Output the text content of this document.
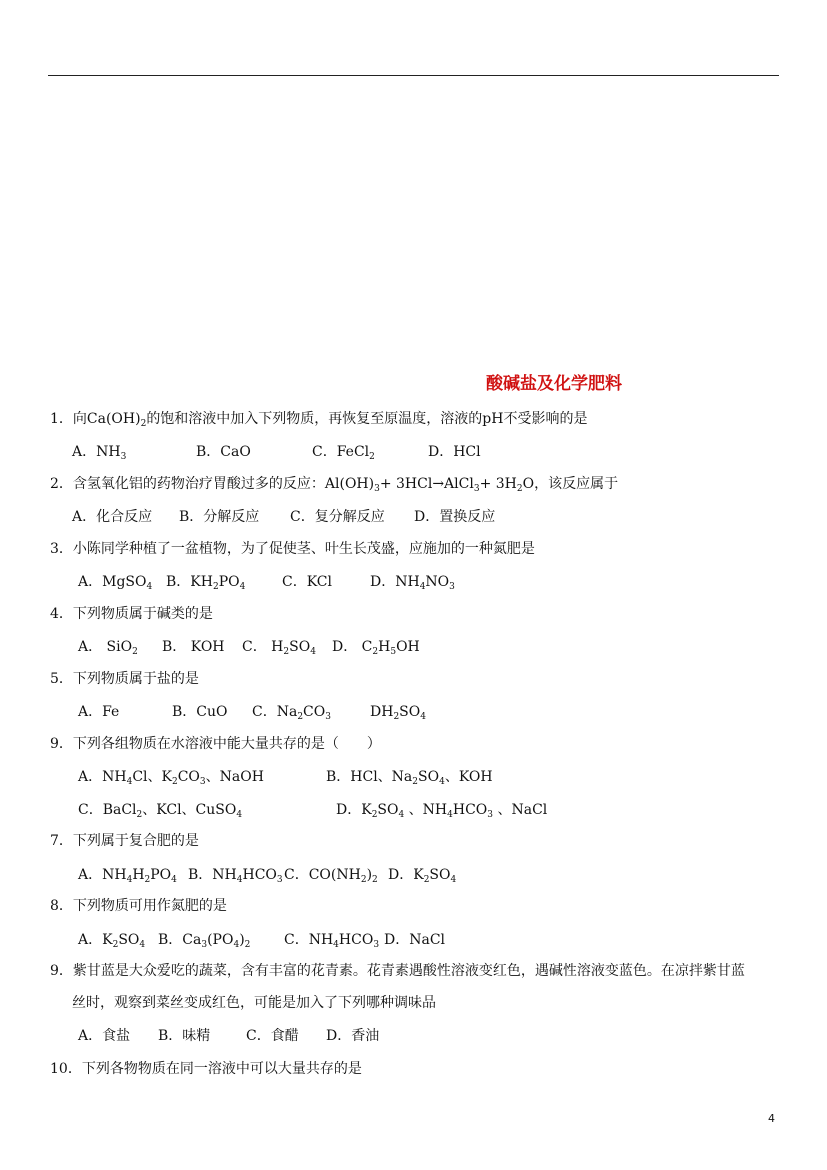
酸碱盐及化学肥料
1．向$Ca(OH)_2$的饱和溶液中加入下列物质，再恢复至原温度，溶液的pH不受影响的是
A．$NH_3$	B．CaO	C．FeCl$_2$	D．HCl
2．含氢氧化铝的药物治疗胃酸过多的反应：$Al(OH)_3+$ 3HCl→AlCl$_3$+ $3H_2O$，该反应属于
A．化合反应 B．分解反应 C．复分解反应 D．置换反应
3．小陈同学种植了一盆植物，为了促使茎、叶生长茂盛，应施加的一种氮肥是
A．MgSO$_4$ B．$KH_2PO_4$	C．KCl	D．$NH_4NO_3$
4．下列物质属于碱类的是
A． SiO$_2$ B． KOH C． $H_2SO_4$ D． $C_2H_5OH$
5．下列物质属于盐的是
A．Fe	B．CuO C．$Na_2CO_3$	$DH_2SO_4$
9．下列各组物质在水溶液中能大量共存的是（　　）
A．$NH_4Cl$、$K_2CO_3$、NaOH	B．HCl、$Na_2SO_4$、KOH
C．BaCl$_2$、KCl、CuSO$_4$	D．$K_2SO_4$ 、$NH_4HCO_3$ 、NaCl
7．下列属于复合肥的是
A．$NH_4H_2PO_4$ B．$NH_4HCO_3$ C．$CO(NH_2)_2$ D．$K_2SO_4$
8．下列物质可用作氮肥的是
A．$K_2SO_4$ B．$Ca_3(PO_4)_2$ C．$NH_4HCO_3$ D．NaCl
9．紫甘蓝是大众爱吃的蔬菜，含有丰富的花青素。花青素遇酸性溶液变红色，遇碱性溶液变蓝色。在凉拌紫甘蓝
丝时，观察到菜丝变成红色，可能是加入了下列哪种调味品
A．食盐 B．味精	C．食醋 D．香油
10．下列各物物质在同一溶液中可以大量共存的是
4
